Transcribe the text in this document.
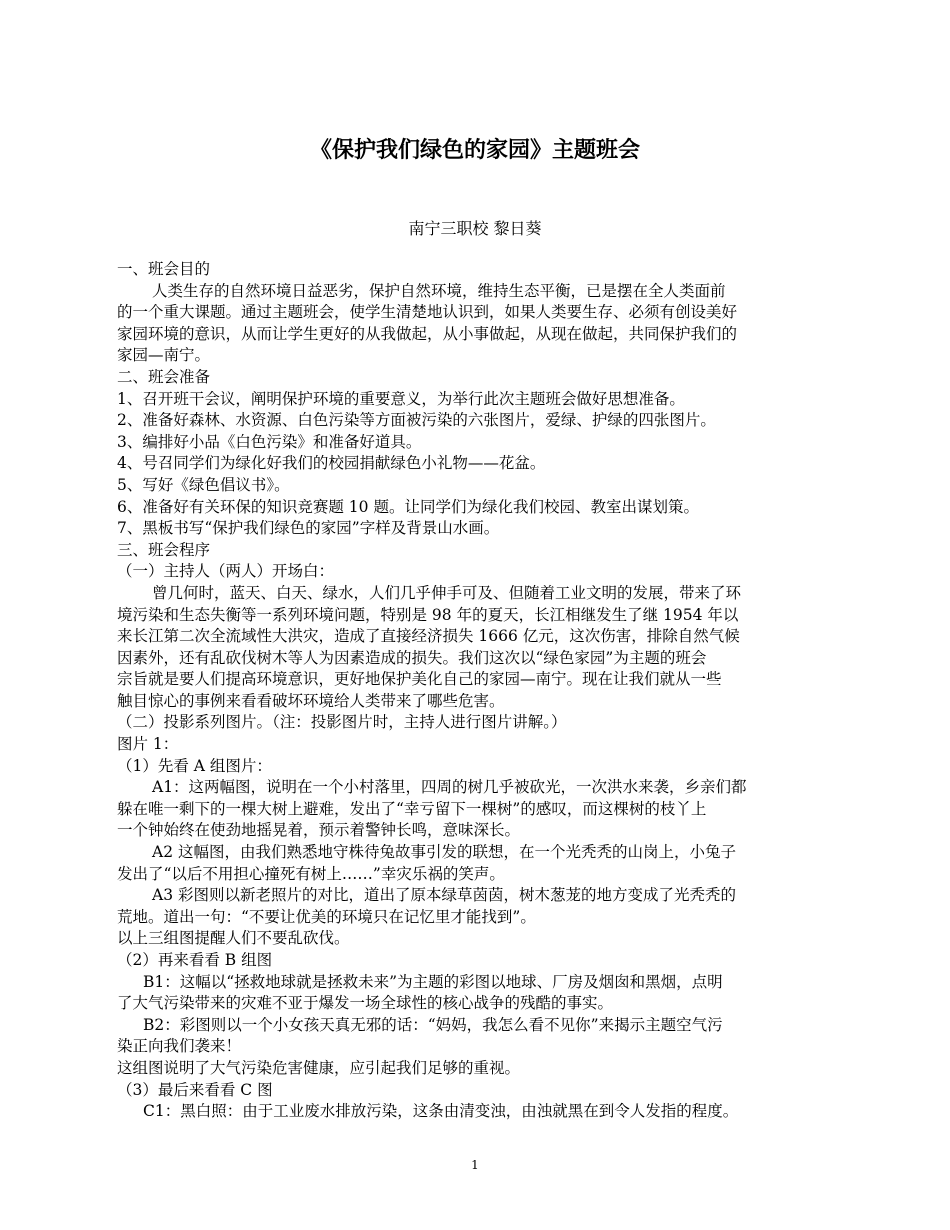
《保护我们绿色的家园》主题班会
南宁三职校 黎日葵
一、班会目的
人类生存的自然环境日益恶劣，保护自然环境，维持生态平衡，已是摆在全人类面前
的一个重大课题。通过主题班会，使学生清楚地认识到，如果人类要生存、必须有创设美好
家园环境的意识，从而让学生更好的从我做起，从小事做起，从现在做起，共同保护我们的
家园—南宁。
二、班会准备
1、召开班干会议，阐明保护环境的重要意义，为举行此次主题班会做好思想准备。
2、准备好森林、水资源、白色污染等方面被污染的六张图片，爱绿、护绿的四张图片。
3、编排好小品《白色污染》和准备好道具。
4、号召同学们为绿化好我们的校园捐献绿色小礼物——花盆。
5、写好《绿色倡议书》。
6、准备好有关环保的知识竞赛题 10 题。让同学们为绿化我们校园、教室出谋划策。
7、黑板书写“保护我们绿色的家园”字样及背景山水画。
三、班会程序
（一）主持人（两人）开场白：
曾几何时，蓝天、白天、绿水，人们几乎伸手可及、但随着工业文明的发展，带来了环
境污染和生态失衡等一系列环境问题，特别是 98 年的夏天，长江相继发生了继 1954 年以
来长江第二次全流域性大洪灾，造成了直接经济损失 1666 亿元，这次伤害，排除自然气候
因素外，还有乱砍伐树木等人为因素造成的损失。我们这次以“绿色家园”为主题的班会
宗旨就是要人们提高环境意识，更好地保护美化自己的家园—南宁。现在让我们就从一些
触目惊心的事例来看看破坏环境给人类带来了哪些危害。
（二）投影系列图片。（注：投影图片时，主持人进行图片讲解。）
图片 1：
（1）先看 A 组图片：
A1：这两幅图，说明在一个小村落里，四周的树几乎被砍光，一次洪水来袭，乡亲们都
躲在唯一剩下的一棵大树上避难，发出了“幸亏留下一棵树”的感叹，而这棵树的枝丫上
一个钟始终在使劲地摇晃着，预示着警钟长鸣，意味深长。
A2 这幅图，由我们熟悉地守株待兔故事引发的联想，在一个光秃秃的山岗上，小兔子
发出了“以后不用担心撞死有树上……”幸灾乐祸的笑声。
A3 彩图则以新老照片的对比，道出了原本绿草茵茵，树木葱茏的地方变成了光秃秃的
荒地。道出一句：“不要让优美的环境只在记忆里才能找到”。
以上三组图提醒人们不要乱砍伐。
（2）再来看看 B 组图
B1：这幅以“拯救地球就是拯救未来”为主题的彩图以地球、厂房及烟囱和黑烟，点明
了大气污染带来的灾难不亚于爆发一场全球性的核心战争的残酷的事实。
B2：彩图则以一个小女孩天真无邪的话：“妈妈，我怎么看不见你”来揭示主题空气污
染正向我们袭来！
这组图说明了大气污染危害健康，应引起我们足够的重视。
（3）最后来看看 C 图
C1：黑白照：由于工业废水排放污染，这条由清变浊，由浊就黑在到令人发指的程度。
1
